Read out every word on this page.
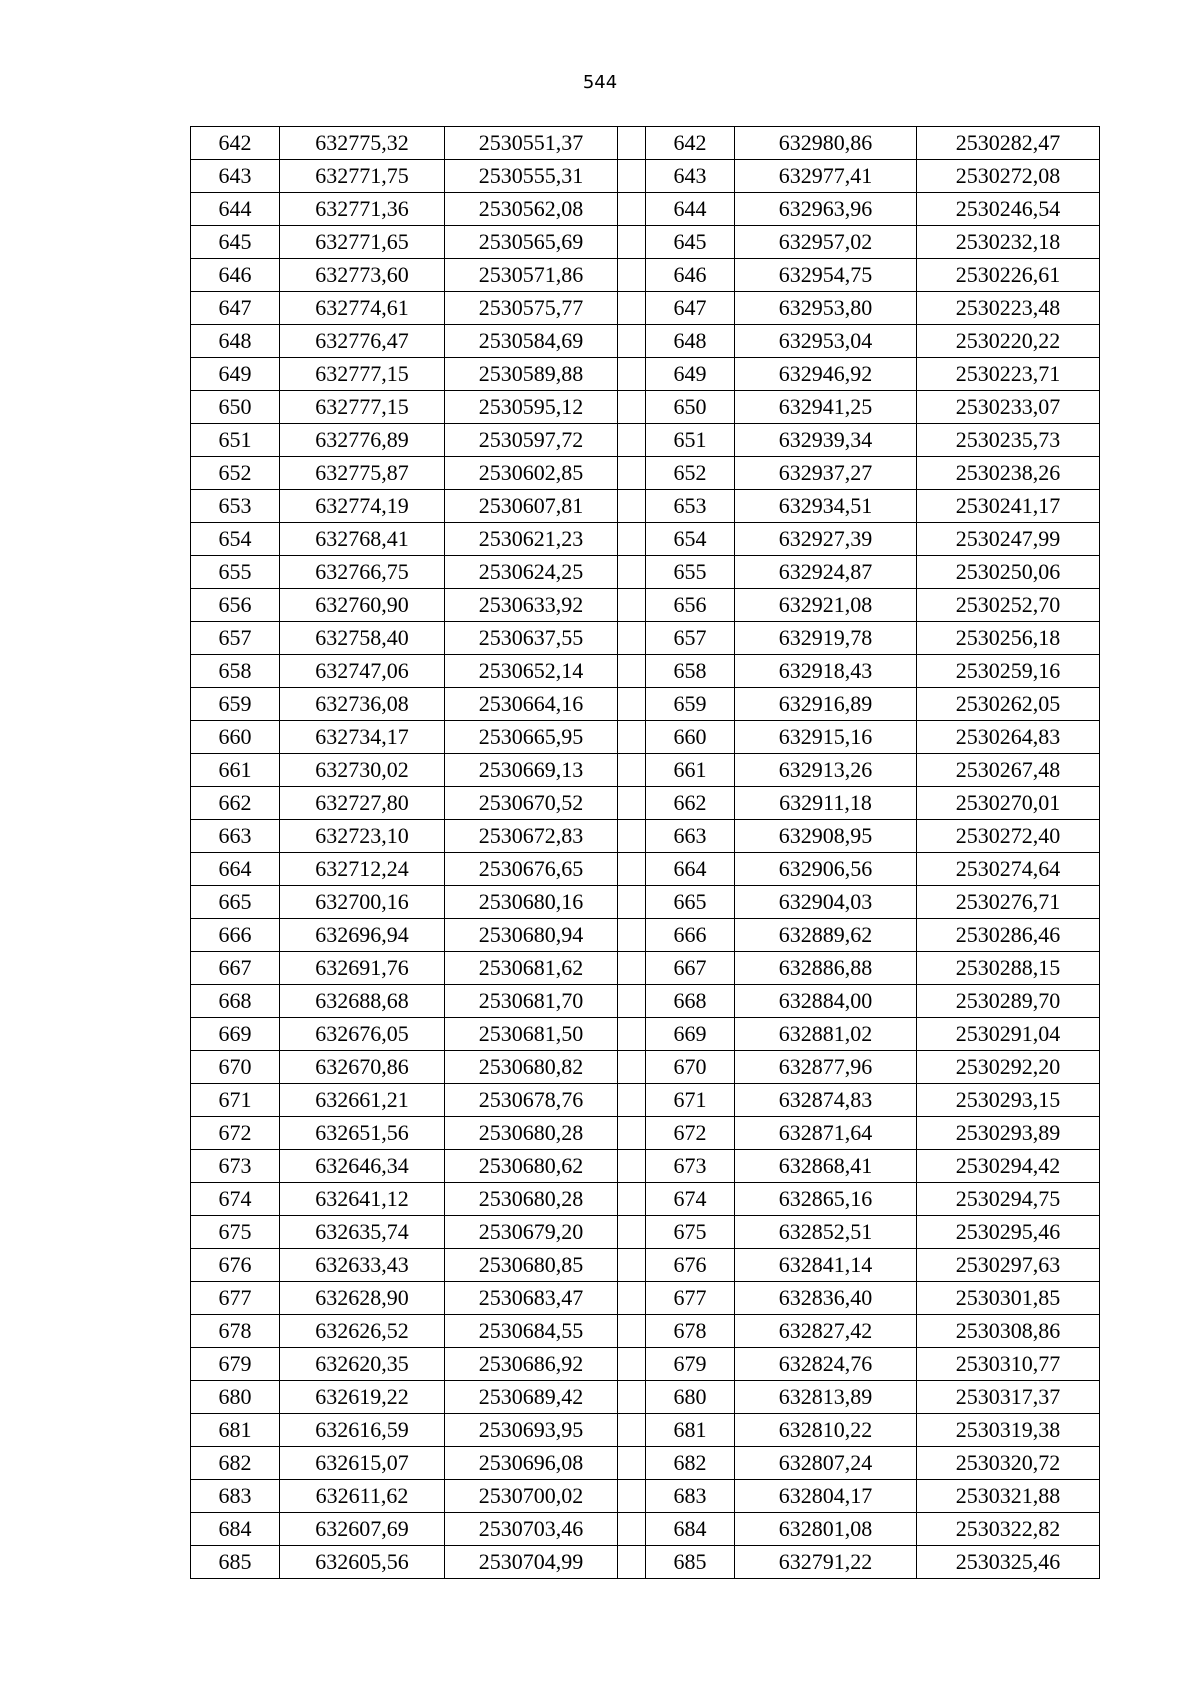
544
642	632775,32	2530551,37		642	632980,86	2530282,47
643	632771,75	2530555,31		643	632977,41	2530272,08
644	632771,36	2530562,08		644	632963,96	2530246,54
645	632771,65	2530565,69		645	632957,02	2530232,18
646	632773,60	2530571,86		646	632954,75	2530226,61
647	632774,61	2530575,77		647	632953,80	2530223,48
648	632776,47	2530584,69		648	632953,04	2530220,22
649	632777,15	2530589,88		649	632946,92	2530223,71
650	632777,15	2530595,12		650	632941,25	2530233,07
651	632776,89	2530597,72		651	632939,34	2530235,73
652	632775,87	2530602,85		652	632937,27	2530238,26
653	632774,19	2530607,81		653	632934,51	2530241,17
654	632768,41	2530621,23		654	632927,39	2530247,99
655	632766,75	2530624,25		655	632924,87	2530250,06
656	632760,90	2530633,92		656	632921,08	2530252,70
657	632758,40	2530637,55		657	632919,78	2530256,18
658	632747,06	2530652,14		658	632918,43	2530259,16
659	632736,08	2530664,16		659	632916,89	2530262,05
660	632734,17	2530665,95		660	632915,16	2530264,83
661	632730,02	2530669,13		661	632913,26	2530267,48
662	632727,80	2530670,52		662	632911,18	2530270,01
663	632723,10	2530672,83		663	632908,95	2530272,40
664	632712,24	2530676,65		664	632906,56	2530274,64
665	632700,16	2530680,16		665	632904,03	2530276,71
666	632696,94	2530680,94		666	632889,62	2530286,46
667	632691,76	2530681,62		667	632886,88	2530288,15
668	632688,68	2530681,70		668	632884,00	2530289,70
669	632676,05	2530681,50		669	632881,02	2530291,04
670	632670,86	2530680,82		670	632877,96	2530292,20
671	632661,21	2530678,76		671	632874,83	2530293,15
672	632651,56	2530680,28		672	632871,64	2530293,89
673	632646,34	2530680,62		673	632868,41	2530294,42
674	632641,12	2530680,28		674	632865,16	2530294,75
675	632635,74	2530679,20		675	632852,51	2530295,46
676	632633,43	2530680,85		676	632841,14	2530297,63
677	632628,90	2530683,47		677	632836,40	2530301,85
678	632626,52	2530684,55		678	632827,42	2530308,86
679	632620,35	2530686,92		679	632824,76	2530310,77
680	632619,22	2530689,42		680	632813,89	2530317,37
681	632616,59	2530693,95		681	632810,22	2530319,38
682	632615,07	2530696,08		682	632807,24	2530320,72
683	632611,62	2530700,02		683	632804,17	2530321,88
684	632607,69	2530703,46		684	632801,08	2530322,82
685	632605,56	2530704,99		685	632791,22	2530325,46
